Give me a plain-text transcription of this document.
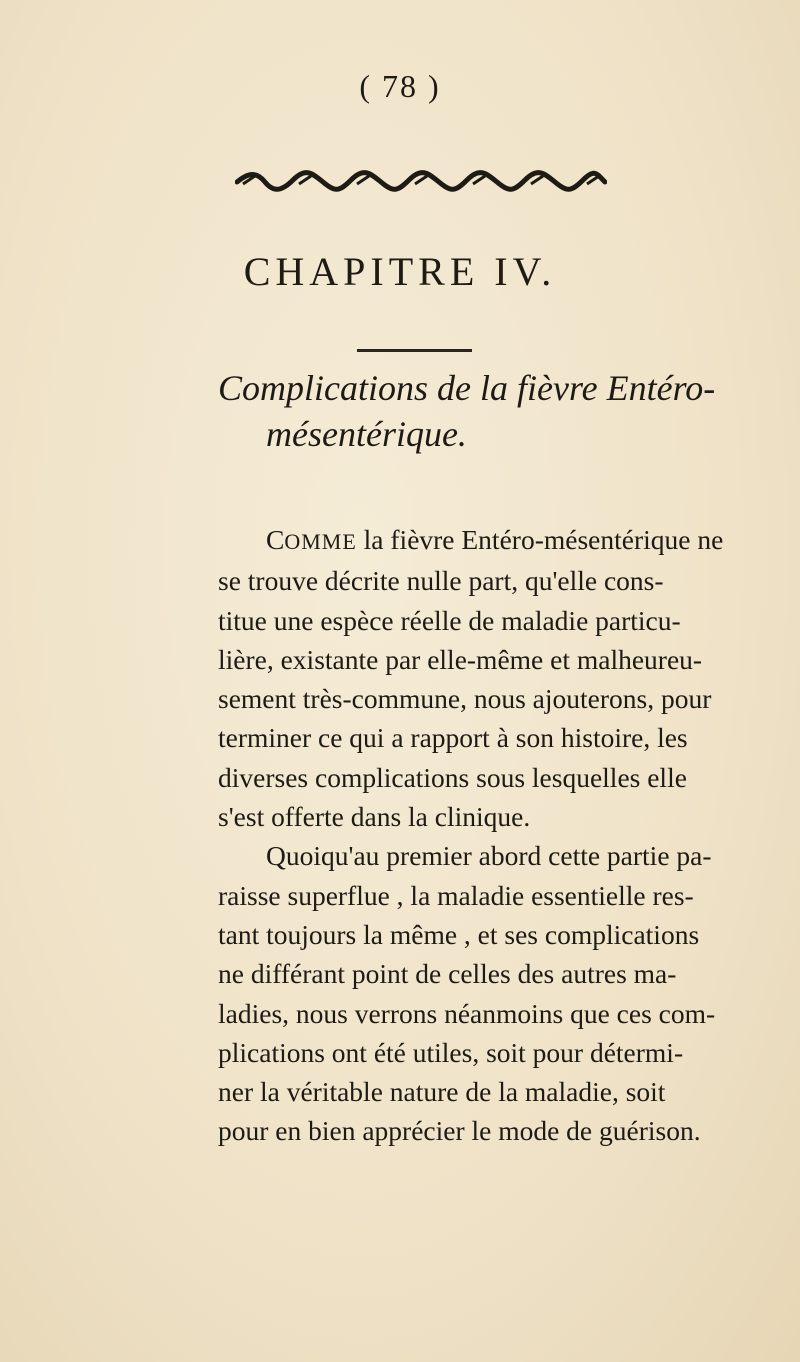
( 78 )
CHAPITRE IV.
Complications de la fièvre Entéro-
mésentérique.
COMME la fièvre Entéro-mésentérique ne
se trouve décrite nulle part, qu'elle cons-
titue une espèce réelle de maladie particu-
lière, existante par elle-même et malheureu-
sement très-commune, nous ajouterons, pour
terminer ce qui a rapport à son histoire, les
diverses complications sous lesquelles elle
s'est offerte dans la clinique.
Quoiqu'au premier abord cette partie pa-
raisse superflue , la maladie essentielle res-
tant toujours la même , et ses complications
ne différant point de celles des autres ma-
ladies, nous verrons néanmoins que ces com-
plications ont été utiles, soit pour détermi-
ner la véritable nature de la maladie, soit
pour en bien apprécier le mode de guérison.
